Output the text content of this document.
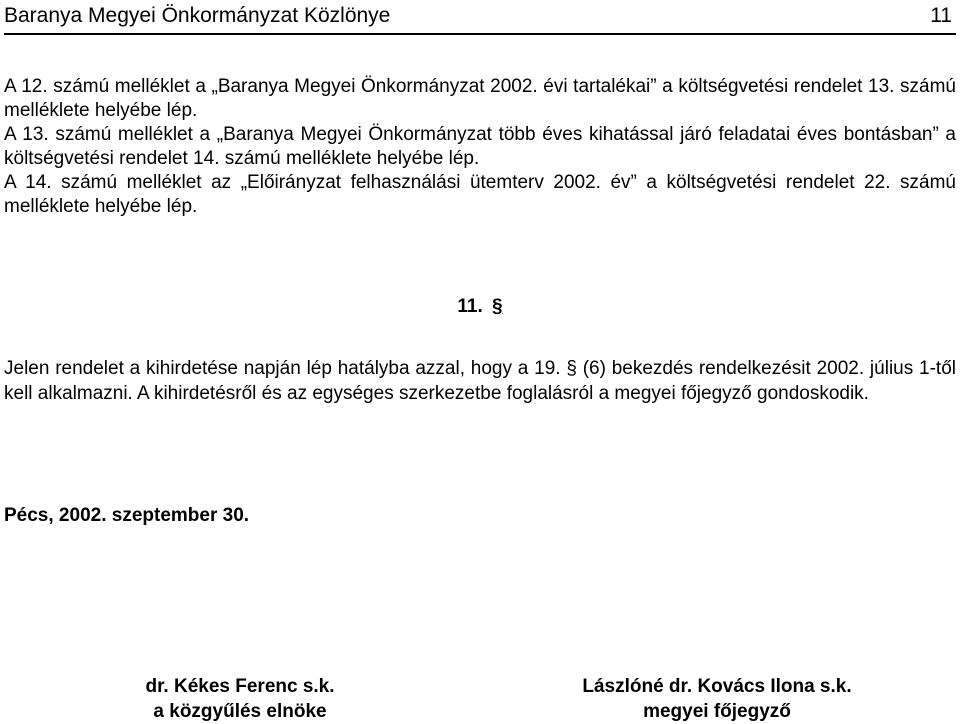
Baranya Megyei Önkormányzat Közlönye	11
A 12. számú melléklet a „Baranya Megyei Önkormányzat 2002. évi tartalékai” a költségvetési rendelet 13. számú melléklete helyébe lép.
A 13. számú melléklet a „Baranya Megyei Önkormányzat több éves kihatással járó feladatai éves bontásban” a költségvetési rendelet 14. számú melléklete helyébe lép.
A 14. számú melléklet az „Előirányzat felhasználási ütemterv 2002. év” a költségvetési rendelet 22. számú melléklete helyébe lép.
11. §
Jelen rendelet a kihirdetése napján lép hatályba azzal, hogy a 19. § (6) bekezdés rendelkezésit 2002. július 1-től kell alkalmazni. A kihirdetésről és az egységes szerkezetbe foglalásról a megyei főjegyző gondoskodik.
Pécs, 2002. szeptember 30.
dr. Kékes Ferenc s.k.
a közgyűlés elnöke
Lászlóné dr. Kovács Ilona s.k.
megyei főjegyző
